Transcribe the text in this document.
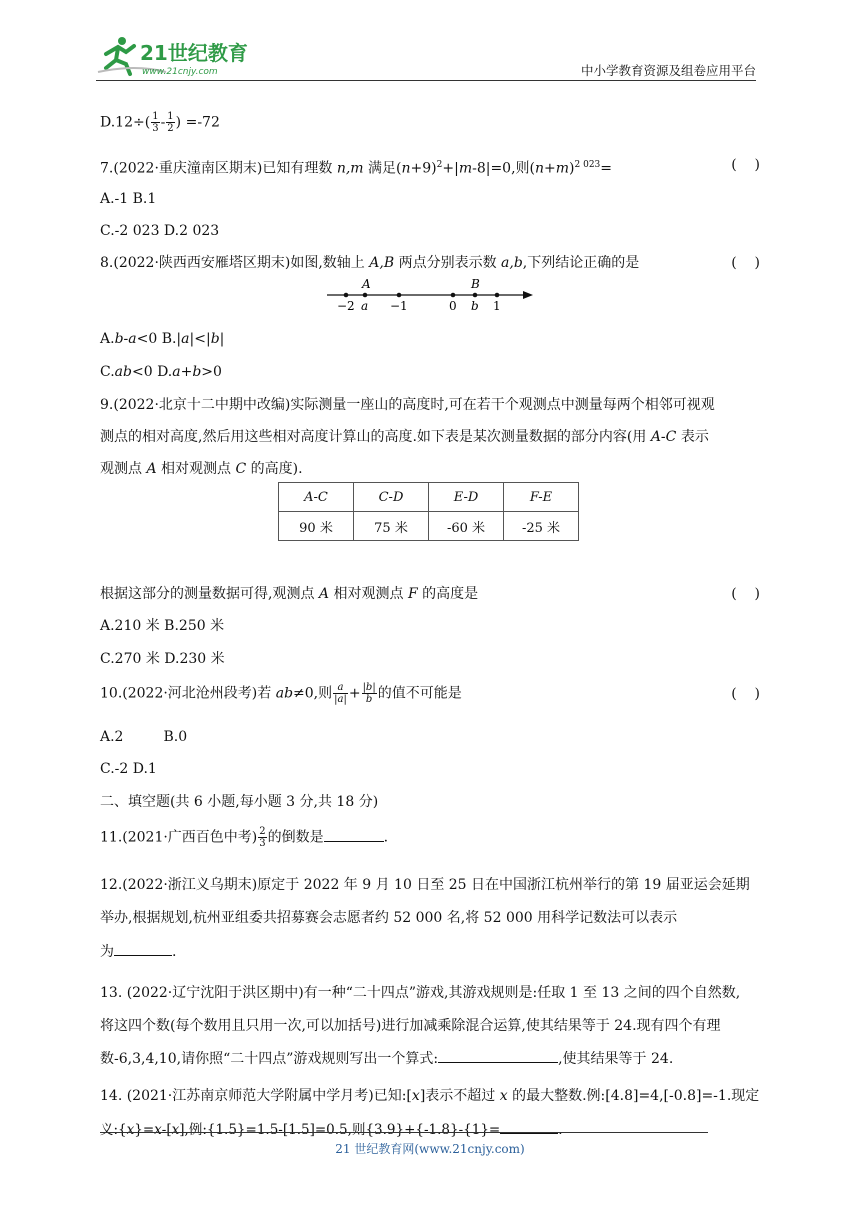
21世纪教育
www.21cnjy.com	中小学教育资源及组卷应用平台
$D.12\div( \frac{1}{3} - \frac{1}{2}$ ) =-72
7.(2022·重庆潼南区期末)已知有理数 n,m 满足$(n+9)^2+|m-8|=0$,则$(n+m)^{2 023}=$	(    )
A.-1 B.1
C.-2 023 D.2 023
8.(2022·陕西西安雁塔区期末)如图,数轴上 A,B 两点分别表示数 a,b,下列结论正确的是	(    )
A	B
−2 a −1	0 b 1
A.b-a<0 B.|a|<|b|
C.ab<0 D.a+b>0
9.(2022·北京十二中期中改编)实际测量一座山的高度时,可在若干个观测点中测量每两个相邻可视观
测点的相对高度,然后用这些相对高度计算山的高度.如下表是某次测量数据的部分内容(用 A-C 表示
观测点 A 相对观测点 C 的高度).
A-C	C-D	E-D	F-E
90 米	75 米	-60 米	-25 米
根据这部分的测量数据可得,观测点 A 相对观测点 F 的高度是	(    )
A.210 米 B.250 米
C.270 米 D.230 米
10.(2022·河北沧州段考)若 ab≠0,则 $\frac{a}{|a|} + \frac{|b|}{b}$ 的值不可能是	(    )
A.2	B.0
C.-2 D.1
二、填空题(共 6 小题,每小题 3 分,共 18 分)
11.(2021·广西百色中考) $\frac{2}{3}$ 的倒数是	.
12.(2022·浙江义乌期末)原定于 2022 年 9 月 10 日至 25 日在中国浙江杭州举行的第 19 届亚运会延期
举办,根据规划,杭州亚组委共招募赛会志愿者约 52 000 名,将 52 000 用科学记数法可以表示
为	.
13. (2022·辽宁沈阳于洪区期中)有一种“二十四点”游戏,其游戏规则是:任取 1 至 13 之间的四个自然数,
将这四个数(每个数用且只用一次,可以加括号)进行加减乘除混合运算,使其结果等于 24.现有四个有理
数-6,3,4,10,请你照“二十四点”游戏规则写出一个算式:	,使其结果等于 24.
14. (2021·江苏南京师范大学附属中学月考)已知:[x]表示不超过 x 的最大整数.例:[4.8]=4,[-0.8]=-1.现定
义:{x}=x-[x],例:{1.5}=1.5-[1.5]=0.5,则{3.9}+{-1.8}-{1}=	.
21 世纪教育网(www.21cnjy.com)
